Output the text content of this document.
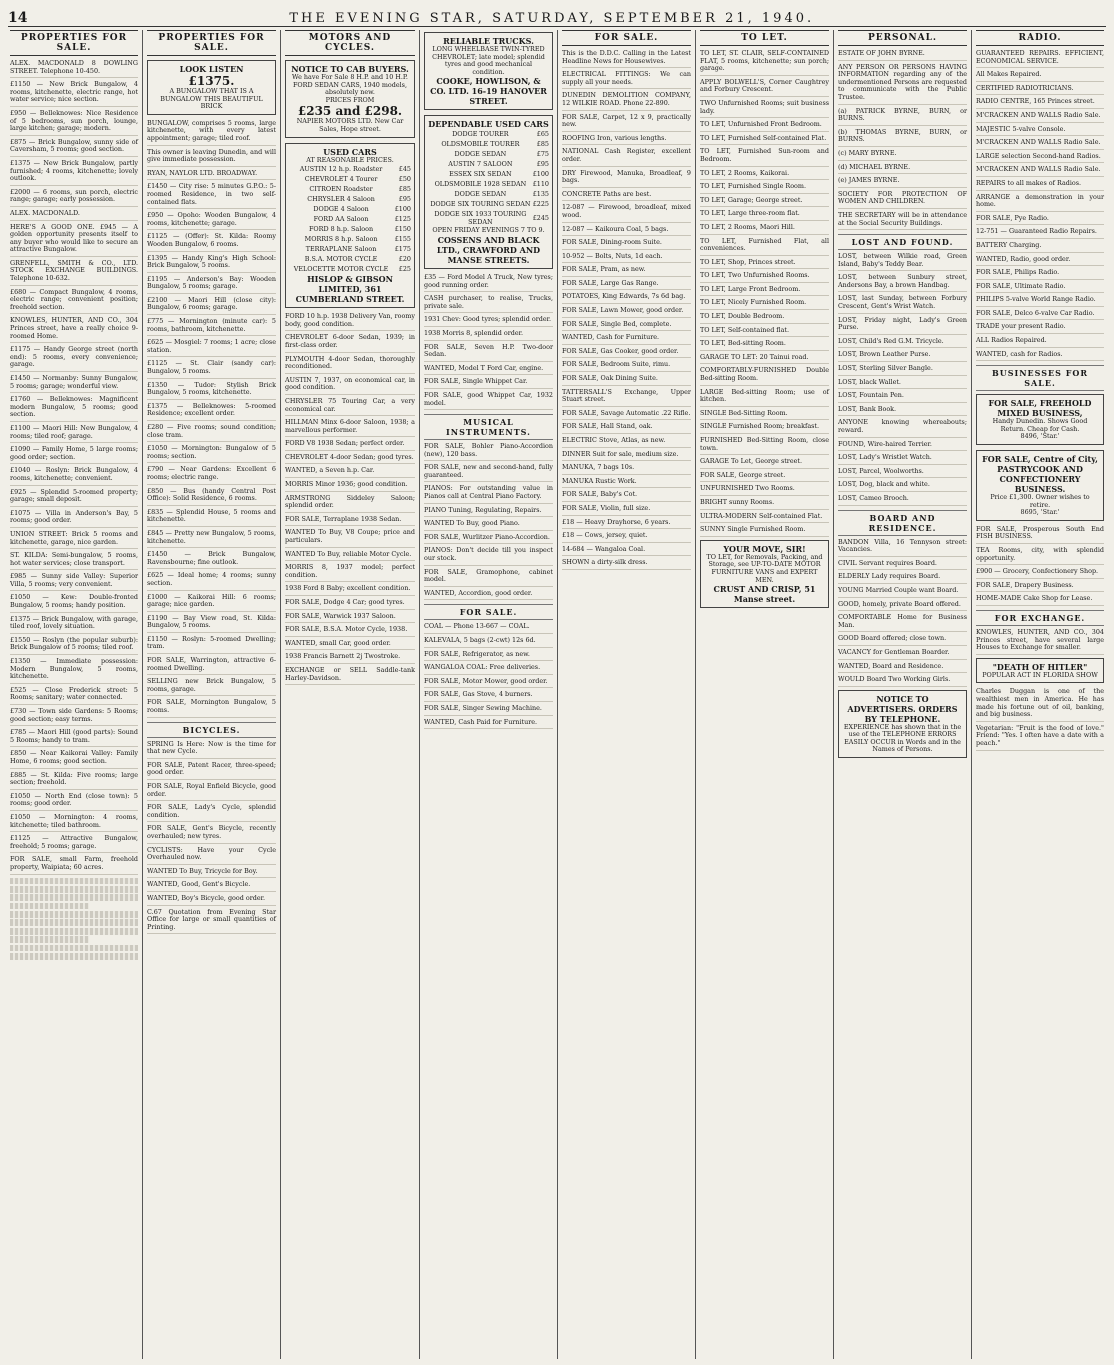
14	THE EVENING STAR, SATURDAY, SEPTEMBER 21, 1940.
PROPERTIES FOR SALE.
ALEX. MACDONALD 8 DOWLING STREET. Telephone 10-450.
£1150 — New Brick Bungalow, 4 rooms, kitchenette, electric range, hot water service; nice section.
£950 — Belleknowes: Nice Residence of 5 bedrooms, sun porch, lounge, large kitchen; garage; modern.
£875 — Brick Bungalow, sunny side of Caversham, 5 rooms; good section.
£1375 — New Brick Bungalow, partly furnished; 4 rooms, kitchenette; lovely outlook.
£2000 — 6 rooms, sun porch, electric range; garage; early possession.
ALEX. MACDONALD.
HERE'S A GOOD ONE. £945 — A golden opportunity presents itself to any buyer who would like to secure an attractive Bungalow.
GRENFELL, SMITH & CO., LTD. STOCK EXCHANGE BUILDINGS. Telephone 10-632.
£680 — Compact Bungalow, 4 rooms, electric range; convenient position; freehold section.
KNOWLES, HUNTER, AND CO., 304 Princes street, have a really choice 9-roomed Home.
£1175 — Handy George street (north end): 5 rooms, every convenience; garage.
£1450 — Normanby: Sunny Bungalow, 5 rooms; garage; wonderful view.
£1760 — Belleknowes: Magnificent modern Bungalow, 5 rooms; good section.
£1100 — Maori Hill: New Bungalow, 4 rooms; tiled roof; garage.
£1090 — Family Home, 5 large rooms; good order; section.
£1040 — Roslyn: Brick Bungalow, 4 rooms, kitchenette; convenient.
£925 — Splendid 5-roomed property; garage; small deposit.
£1075 — Villa in Anderson's Bay, 5 rooms; good order.
UNION STREET: Brick 5 rooms and kitchenette, garage, nice garden.
ST. KILDA: Semi-bungalow, 5 rooms, hot water services; close transport.
£985 — Sunny side Valley: Superior Villa, 5 rooms; very convenient.
£1050 — Kew: Double-fronted Bungalow, 5 rooms; handy position.
£1375 — Brick Bungalow, with garage, tiled roof, lovely situation.
£1550 — Roslyn (the popular suburb): Brick Bungalow of 5 rooms; tiled roof.
£1350 — Immediate possession: Modern Bungalow, 5 rooms, kitchenette.
£525 — Close Frederick street: 5 Rooms; sanitary; water connected.
£730 — Town side Gardens: 5 Rooms; good section; easy terms.
£785 — Maori Hill (good parts): Sound 5 Rooms; handy to tram.
£850 — Near Kaikorai Valley: Family Home, 6 rooms; good section.
£885 — St. Kilda: Five rooms; large section; freehold.
£1050 — North End (close town): 5 rooms; good order.
£1050 — Mornington: 4 rooms, kitchenette; tiled bathroom.
£1125 — Attractive Bungalow, freehold; 5 rooms; garage.
FOR SALE, small Farm, freehold property, Waipiata; 60 acres.
PROPERTIES FOR SALE.
LOOK LISTEN
£1375.
A BUNGALOW THAT IS A BUNGALOW THIS BEAUTIFUL BRICK
BUNGALOW, comprises 5 rooms, large kitchenette, with every latest appointment; garage; tiled roof.
This owner is leaving Dunedin, and will give immediate possession.
RYAN, NAYLOR LTD. BROADWAY.
£1450 — City rise: 5 minutes G.P.O.: 5-roomed Residence, in two self-contained flats.
£950 — Opoho: Wooden Bungalow, 4 rooms, kitchenette; garage.
£1125 — (Offer): St. Kilda: Roomy Wooden Bungalow, 6 rooms.
£1395 — Handy King's High School: Brick Bungalow, 5 rooms.
£1195 — Anderson's Bay: Wooden Bungalow, 5 rooms; garage.
£2100 — Maori Hill (close city): Bungalow, 6 rooms; garage.
£775 — Mornington (minute car): 5 rooms, bathroom, kitchenette.
£625 — Mosgiel: 7 rooms; 1 acre; close station.
£1125 — St. Clair (sandy car): Bungalow, 5 rooms.
£1350 — Tudor: Stylish Brick Bungalow, 5 rooms, kitchenette.
£1375 — Belleknowes: 5-roomed Residence; excellent order.
£280 — Five rooms; sound condition; close tram.
£1050 — Mornington: Bungalow of 5 rooms; section.
£790 — Near Gardens: Excellent 6 rooms; electric range.
£850 — Bus (handy Central Post Office): Solid Residence, 6 rooms.
£835 — Splendid House, 5 rooms and kitchenette.
£845 — Pretty new Bungalow, 5 rooms, kitchenette.
£1450 — Brick Bungalow, Ravensbourne; fine outlook.
£625 — Ideal home; 4 rooms; sunny section.
£1000 — Kaikorai Hill: 6 rooms; garage; nice garden.
£1190 — Bay View road, St. Kilda: Bungalow, 5 rooms.
£1150 — Roslyn: 5-roomed Dwelling; tram.
FOR SALE, Warrington, attractive 6-roomed Dwelling.
SELLING new Brick Bungalow, 5 rooms, garage.
FOR SALE, Mornington Bungalow, 5 rooms.
BICYCLES.
SPRING Is Here: Now is the time for that new Cycle.
FOR SALE, Patent Racer, three-speed; good order.
FOR SALE, Royal Enfield Bicycle, good order.
FOR SALE, Lady's Cycle, splendid condition.
FOR SALE, Gent's Bicycle, recently overhauled; new tyres.
CYCLISTS: Have your Cycle Overhauled now.
WANTED To Buy, Tricycle for Boy.
WANTED, Good, Gent's Bicycle.
WANTED, Boy's Bicycle, good order.
C.67 Quotation from Evening Star Office for large or small quantities of Printing.
MOTORS AND CYCLES.
NOTICE TO CAB BUYERS.
We have For Sale 8 H.P. and 10 H.P. FORD SEDAN CARS, 1940 models, absolutely new.
PRICES FROM
£235 and £298.
NAPIER MOTORS LTD. New Car Sales, Hope street.
USED CARS
AT REASONABLE PRICES.
AUSTIN 12 h.p. Roadster	£45
CHEVROLET 4 Tourer	£50
CITROEN Roadster	£85
CHRYSLER 4 Saloon	£95
DODGE 4 Saloon	£100
FORD AA Saloon	£125
FORD 8 h.p. Saloon	£150
MORRIS 8 h.p. Saloon	£155
TERRAPLANE Saloon	£175
B.S.A. MOTOR CYCLE	£20
VELOCETTE MOTOR CYCLE	£25
HISLOP & GIBSON LIMITED, 361 CUMBERLAND STREET.
FORD 10 h.p. 1938 Delivery Van, roomy body, good condition.
CHEVROLET 6-door Sedan, 1939; in first-class order.
PLYMOUTH 4-door Sedan, thoroughly reconditioned.
AUSTIN 7, 1937, on economical car, in good condition.
CHRYSLER 75 Touring Car, a very economical car.
HILLMAN Minx 6-door Saloon, 1938; a marvellous performer.
FORD V8 1938 Sedan; perfect order.
CHEVROLET 4-door Sedan; good tyres.
WANTED, a Seven h.p. Car.
MORRIS Minor 1936; good condition.
ARMSTRONG Siddeley Saloon; splendid order.
FOR SALE, Terraplane 1938 Sedan.
WANTED To Buy, V8 Coupe; price and particulars.
WANTED To Buy, reliable Motor Cycle.
MORRIS 8, 1937 model; perfect condition.
1938 Ford 8 Baby; excellent condition.
FOR SALE, Dodge 4 Car; good tyres.
FOR SALE, Warwick 1937 Saloon.
FOR SALE, B.S.A. Motor Cycle, 1938.
WANTED, small Car, good order.
1938 Francis Barnett 2j Twostroke.
EXCHANGE or SELL Saddle-tank Harley-Davidson.
RELIABLE TRUCKS.
LONG WHEELBASE TWIN-TYRED CHEVROLET; late model; splendid tyres and good mechanical condition.
COOKE, HOWLISON, & CO. LTD. 16-19 HANOVER STREET.
DEPENDABLE USED CARS
DODGE TOURER	£65
OLDSMOBILE TOURER	£85
DODGE SEDAN	£75
AUSTIN 7 SALOON	£95
ESSEX SIX SEDAN	£100
OLDSMOBILE 1928 SEDAN	£110
DODGE SEDAN	£135
DODGE SIX TOURING SEDAN	£225
DODGE SIX 1933 TOURING SEDAN	£245
OPEN FRIDAY EVENINGS 7 TO 9.
COSSENS AND BLACK LTD., CRAWFORD AND MANSE STREETS.
£35 — Ford Model A Truck, New tyres; good running order.
CASH purchaser, to realise, Trucks, private sale.
1931 Chev: Good tyres; splendid order.
1938 Morris 8, splendid order.
FOR SALE, Seven H.P. Two-door Sedan.
WANTED, Model T Ford Car, engine.
FOR SALE, Single Whippet Car.
FOR SALE, good Whippet Car, 1932 model.
MUSICAL INSTRUMENTS.
FOR SALE, Bohler Piano-Accordion (new), 120 bass.
FOR SALE, new and second-hand, fully guaranteed.
PIANOS: For outstanding value in Pianos call at Central Piano Factory.
PIANO Tuning, Regulating, Repairs.
WANTED To Buy, good Piano.
FOR SALE, Wurlitzer Piano-Accordion.
PIANOS: Don't decide till you inspect our stock.
FOR SALE, Gramophone, cabinet model.
WANTED, Accordion, good order.
FOR SALE.
COAL — Phone 13-667 — COAL.
KALEVALA, 5 bags (2-cwt) 12s 6d.
FOR SALE, Refrigerator, as new.
WANGALOA COAL: Free deliveries.
FOR SALE, Motor Mower, good order.
FOR SALE, Gas Stove, 4 burners.
FOR SALE, Singer Sewing Machine.
WANTED, Cash Paid for Furniture.
FOR SALE.
This is the D.D.C. Calling in the Latest Headline News for Housewives.
ELECTRICAL FITTINGS: We can supply all your needs.
DUNEDIN DEMOLITION COMPANY, 12 WILKIE ROAD. Phone 22-890.
FOR SALE, Carpet, 12 x 9, practically new.
ROOFING Iron, various lengths.
NATIONAL Cash Register, excellent order.
DRY Firewood, Manuka, Broadleaf, 9 bags.
CONCRETE Paths are best.
12-087 — Firewood, broadleaf, mixed wood.
12-087 — Kaikoura Coal, 5 bags.
FOR SALE, Dining-room Suite.
10-952 — Bolts, Nuts, 1d each.
FOR SALE, Pram, as new.
FOR SALE, Large Gas Range.
POTATOES, King Edwards, 7s 6d bag.
FOR SALE, Lawn Mower, good order.
FOR SALE, Single Bed, complete.
WANTED, Cash for Furniture.
FOR SALE, Gas Cooker, good order.
FOR SALE, Bedroom Suite, rimu.
FOR SALE, Oak Dining Suite.
TATTERSALL'S Exchange, Upper Stuart street.
FOR SALE, Savage Automatic .22 Rifle.
FOR SALE, Hall Stand, oak.
ELECTRIC Stove, Atlas, as new.
DINNER Suit for sale, medium size.
MANUKA, 7 bags 10s.
MANUKA Rustic Work.
FOR SALE, Baby's Cot.
FOR SALE, Violin, full size.
£18 — Heavy Drayhorse, 6 years.
£18 — Cows, jersey, quiet.
14-684 — Wangaloa Coal.
SHOWN a dirty-silk dress.
TO LET.
TO LET, ST. CLAIR, SELF-CONTAINED FLAT, 5 rooms, kitchenette; sun porch; garage.
APPLY BOLWELL'S, Corner Caughtrey and Forbury Crescent.
TWO Unfurnished Rooms; suit business lady.
TO LET, Unfurnished Front Bedroom.
TO LET, Furnished Self-contained Flat.
TO LET, Furnished Sun-room and Bedroom.
TO LET, 2 Rooms, Kaikorai.
TO LET, Furnished Single Room.
TO LET, Garage; George street.
TO LET, Large three-room flat.
TO LET, 2 Rooms, Maori Hill.
TO LET, Furnished Flat, all conveniences.
TO LET, Shop, Princes street.
TO LET, Two Unfurnished Rooms.
TO LET, Large Front Bedroom.
TO LET, Nicely Furnished Room.
TO LET, Double Bedroom.
TO LET, Self-contained flat.
TO LET, Bed-sitting Room.
GARAGE TO LET: 20 Tainui road.
COMFORTABLY-FURNISHED Double Bed-sitting Room.
LARGE Bed-sitting Room; use of kitchen.
SINGLE Bed-Sitting Room.
SINGLE Furnished Room; breakfast.
FURNISHED Bed-Sitting Room, close town.
GARAGE To Let, George street.
FOR SALE, George street.
UNFURNISHED Two Rooms.
BRIGHT sunny Rooms.
ULTRA-MODERN Self-contained Flat.
SUNNY Single Furnished Room.
YOUR MOVE, SIR!
TO LET, for Removals, Packing, and Storage, see UP-TO-DATE MOTOR FURNITURE VANS and EXPERT MEN.
CRUST AND CRISP, 51 Manse street.
PERSONAL.
ESTATE OF JOHN BYRNE.
ANY PERSON OR PERSONS HAVING INFORMATION regarding any of the undermentioned Persons are requested to communicate with the Public Trustee.
(a) PATRICK BYRNE, BURN, or BURNS.
(b) THOMAS BYRNE, BURN, or BURNS.
(c) MARY BYRNE.
(d) MICHAEL BYRNE.
(e) JAMES BYRNE.
SOCIETY FOR PROTECTION OF WOMEN AND CHILDREN.
THE SECRETARY will be in attendance at the Social Security Buildings.
LOST AND FOUND.
LOST, between Wilkie road, Green Island, Baby's Teddy Bear.
LOST, between Sunbury street, Andersons Bay, a brown Handbag.
LOST, last Sunday, between Forbury Crescent, Gent's Wrist Watch.
LOST, Friday night, Lady's Green Purse.
LOST, Child's Red G.M. Tricycle.
LOST, Brown Leather Purse.
LOST, Sterling Silver Bangle.
LOST, black Wallet.
LOST, Fountain Pen.
LOST, Bank Book.
ANYONE knowing whereabouts; reward.
FOUND, Wire-haired Terrier.
LOST, Lady's Wristlet Watch.
LOST, Parcel, Woolworths.
LOST, Dog, black and white.
LOST, Cameo Brooch.
BOARD AND RESIDENCE.
BANDON Villa, 16 Tennyson street: Vacancies.
CIVIL Servant requires Board.
ELDERLY Lady requires Board.
YOUNG Married Couple want Board.
GOOD, homely, private Board offered.
COMFORTABLE Home for Business Man.
GOOD Board offered; close town.
VACANCY for Gentleman Boarder.
WANTED, Board and Residence.
WOULD Board Two Working Girls.
NOTICE TO ADVERTISERS. ORDERS BY TELEPHONE.
EXPERIENCE has shown that in the use of the TELEPHONE ERRORS EASILY OCCUR in Words and in the Names of Persons.
RADIO.
GUARANTEED REPAIRS. EFFICIENT, ECONOMICAL SERVICE.
All Makes Repaired.
CERTIFIED RADIOTRICIANS.
RADIO CENTRE, 165 Princes street.
M'CRACKEN AND WALLS Radio Sale.
MAJESTIC 5-valve Console.
M'CRACKEN AND WALLS Radio Sale.
LARGE selection Second-hand Radios.
M'CRACKEN AND WALLS Radio Sale.
REPAIRS to all makes of Radios.
ARRANGE a demonstration in your home.
FOR SALE, Pye Radio.
12-751 — Guaranteed Radio Repairs.
BATTERY Charging.
WANTED, Radio, good order.
FOR SALE, Philips Radio.
FOR SALE, Ultimate Radio.
PHILIPS 5-valve World Range Radio.
FOR SALE, Delco 6-valve Car Radio.
TRADE your present Radio.
ALL Radios Repaired.
WANTED, cash for Radios.
BUSINESSES FOR SALE.
FOR SALE, FREEHOLD MIXED BUSINESS,
Handy Dunedin. Shows Good Return. Cheap for Cash.
8496, 'Star.'
FOR SALE, Centre of City, PASTRYCOOK AND CONFECTIONERY BUSINESS.
Price £1,300. Owner wishes to retire.
8695, 'Star.'
FOR SALE, Prosperous South End FISH BUSINESS.
TEA Rooms, city, with splendid opportunity.
£900 — Grocery, Confectionery Shop.
FOR SALE, Drapery Business.
HOME-MADE Cake Shop for Lease.
FOR EXCHANGE.
KNOWLES, HUNTER, AND CO., 304 Princes street, have several large Houses to Exchange for smaller.
"DEATH OF HITLER"
POPULAR ACT IN FLORIDA SHOW
Charles Duggan is one of the wealthiest men in America. He has made his fortune out of oil, banking, and big business.
Vegetarian: "Fruit is the food of love." Friend: "Yes. I often have a date with a peach."
